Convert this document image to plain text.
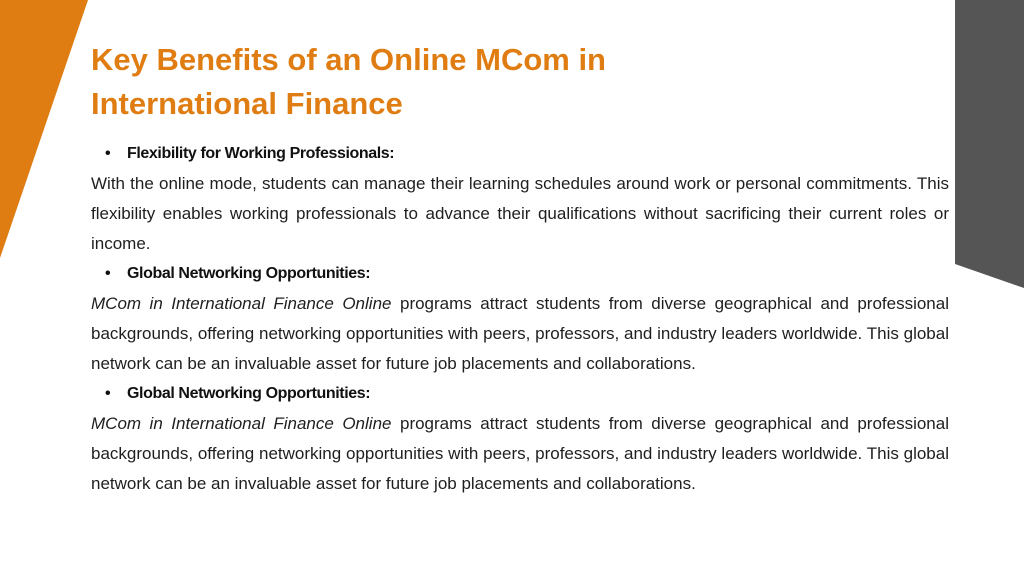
Key Benefits of an Online MCom in
International Finance

• Flexibility for Working Professionals:

With the online mode, students can manage their learning schedules around work or personal commitments. This flexibility enables working professionals to advance their qualifications without sacrificing their current roles or income.

• Global Networking Opportunities:

MCom in International Finance Online programs attract students from diverse geographical and professional backgrounds, offering networking opportunities with peers, professors, and industry leaders worldwide. This global network can be an invaluable asset for future job placements and collaborations.

• Global Networking Opportunities:

MCom in International Finance Online programs attract students from diverse geographical and professional backgrounds, offering networking opportunities with peers, professors, and industry leaders worldwide. This global network can be an invaluable asset for future job placements and collaborations.
